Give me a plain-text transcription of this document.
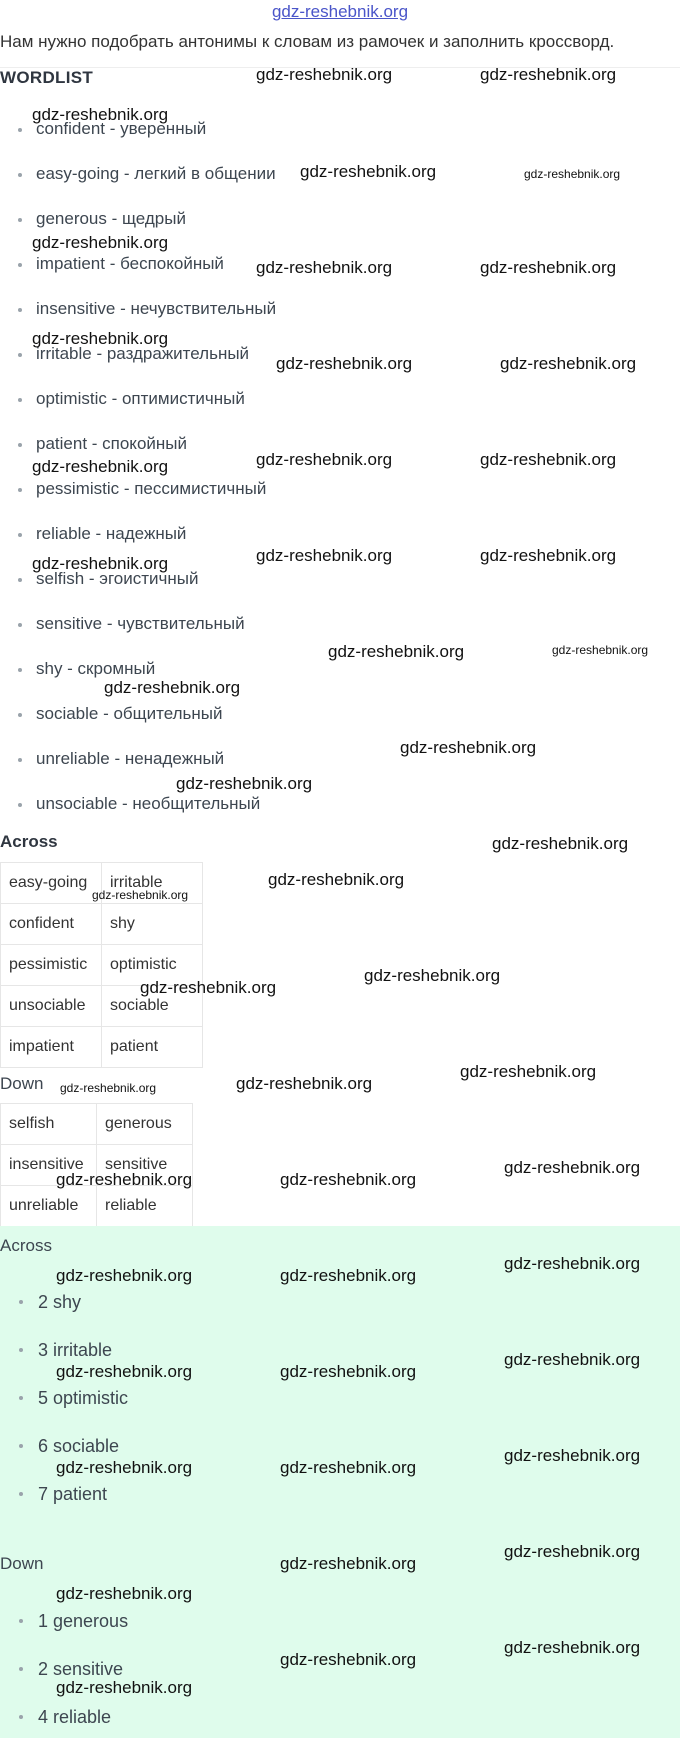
gdz-reshebnik.org
Нам нужно подобрать антонимы к словам из рамочек и заполнить кроссворд.
WORDLIST
confident - уверенный
easy-going - легкий в общении
generous - щедрый
impatient - беспокойный
insensitive - нечувствительный
irritable - раздражительный
optimistic - оптимистичный
patient - спокойный
pessimistic - пессимистичный
reliable - надежный
selfish - эгоистичный
sensitive - чувствительный
shy - скромный
sociable - общительный
unreliable - ненадежный
unsociable - необщительный
Across
easy-going	irritable
confident	shy
pessimistic	optimistic
unsociable	sociable
impatient	patient
Down
selfish	generous
insensitive	sensitive
unreliable	reliable
Across
2 shy
3 irritable
5 optimistic
6 sociable
7 patient
Down
1 generous
2 sensitive
4 reliable
gdz-reshebnik.org	gdz-reshebnik.org
gdz-reshebnik.org
gdz-reshebnik.org	gdz-reshebnik.org
gdz-reshebnik.org
gdz-reshebnik.org	gdz-reshebnik.org
gdz-reshebnik.org
gdz-reshebnik.org	gdz-reshebnik.org
gdz-reshebnik.org	gdz-reshebnik.org
gdz-reshebnik.org
gdz-reshebnik.org	gdz-reshebnik.org
gdz-reshebnik.org
gdz-reshebnik.org	gdz-reshebnik.org
gdz-reshebnik.org
gdz-reshebnik.org
gdz-reshebnik.org
gdz-reshebnik.org
gdz-reshebnik.org
gdz-reshebnik.org
gdz-reshebnik.org
gdz-reshebnik.org
gdz-reshebnik.org
gdz-reshebnik.org
gdz-reshebnik.org
gdz-reshebnik.org
gdz-reshebnik.org	gdz-reshebnik.org
gdz-reshebnik.org
gdz-reshebnik.org	gdz-reshebnik.org
gdz-reshebnik.org
gdz-reshebnik.org	gdz-reshebnik.org
gdz-reshebnik.org
gdz-reshebnik.org	gdz-reshebnik.org
gdz-reshebnik.org
gdz-reshebnik.org
gdz-reshebnik.org
gdz-reshebnik.org
gdz-reshebnik.org
gdz-reshebnik.org
